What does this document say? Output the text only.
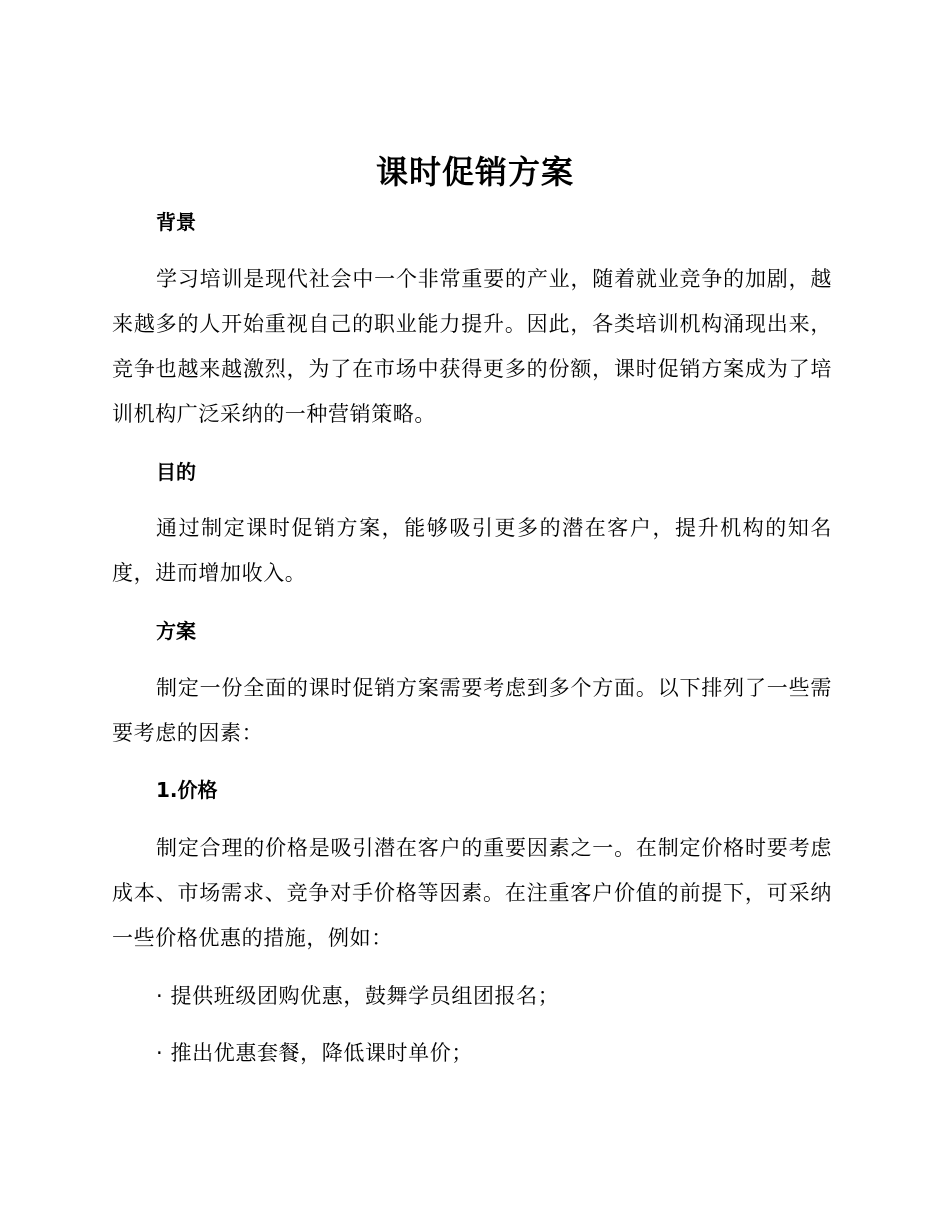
课时促销方案
背景
学习培训是现代社会中一个非常重要的产业，随着就业竞争的加剧，越来越多的人开始重视自己的职业能力提升。因此，各类培训机构涌现出来，竞争也越来越激烈，为了在市场中获得更多的份额，课时促销方案成为了培训机构广泛采纳的一种营销策略。
目的
通过制定课时促销方案，能够吸引更多的潜在客户，提升机构的知名度，进而增加收入。
方案
制定一份全面的课时促销方案需要考虑到多个方面。以下排列了一些需要考虑的因素：
1.价格
制定合理的价格是吸引潜在客户的重要因素之一。在制定价格时要考虑成本、市场需求、竞争对手价格等因素。在注重客户价值的前提下，可采纳一些价格优惠的措施，例如：
· 提供班级团购优惠，鼓舞学员组团报名；
· 推出优惠套餐，降低课时单价；
